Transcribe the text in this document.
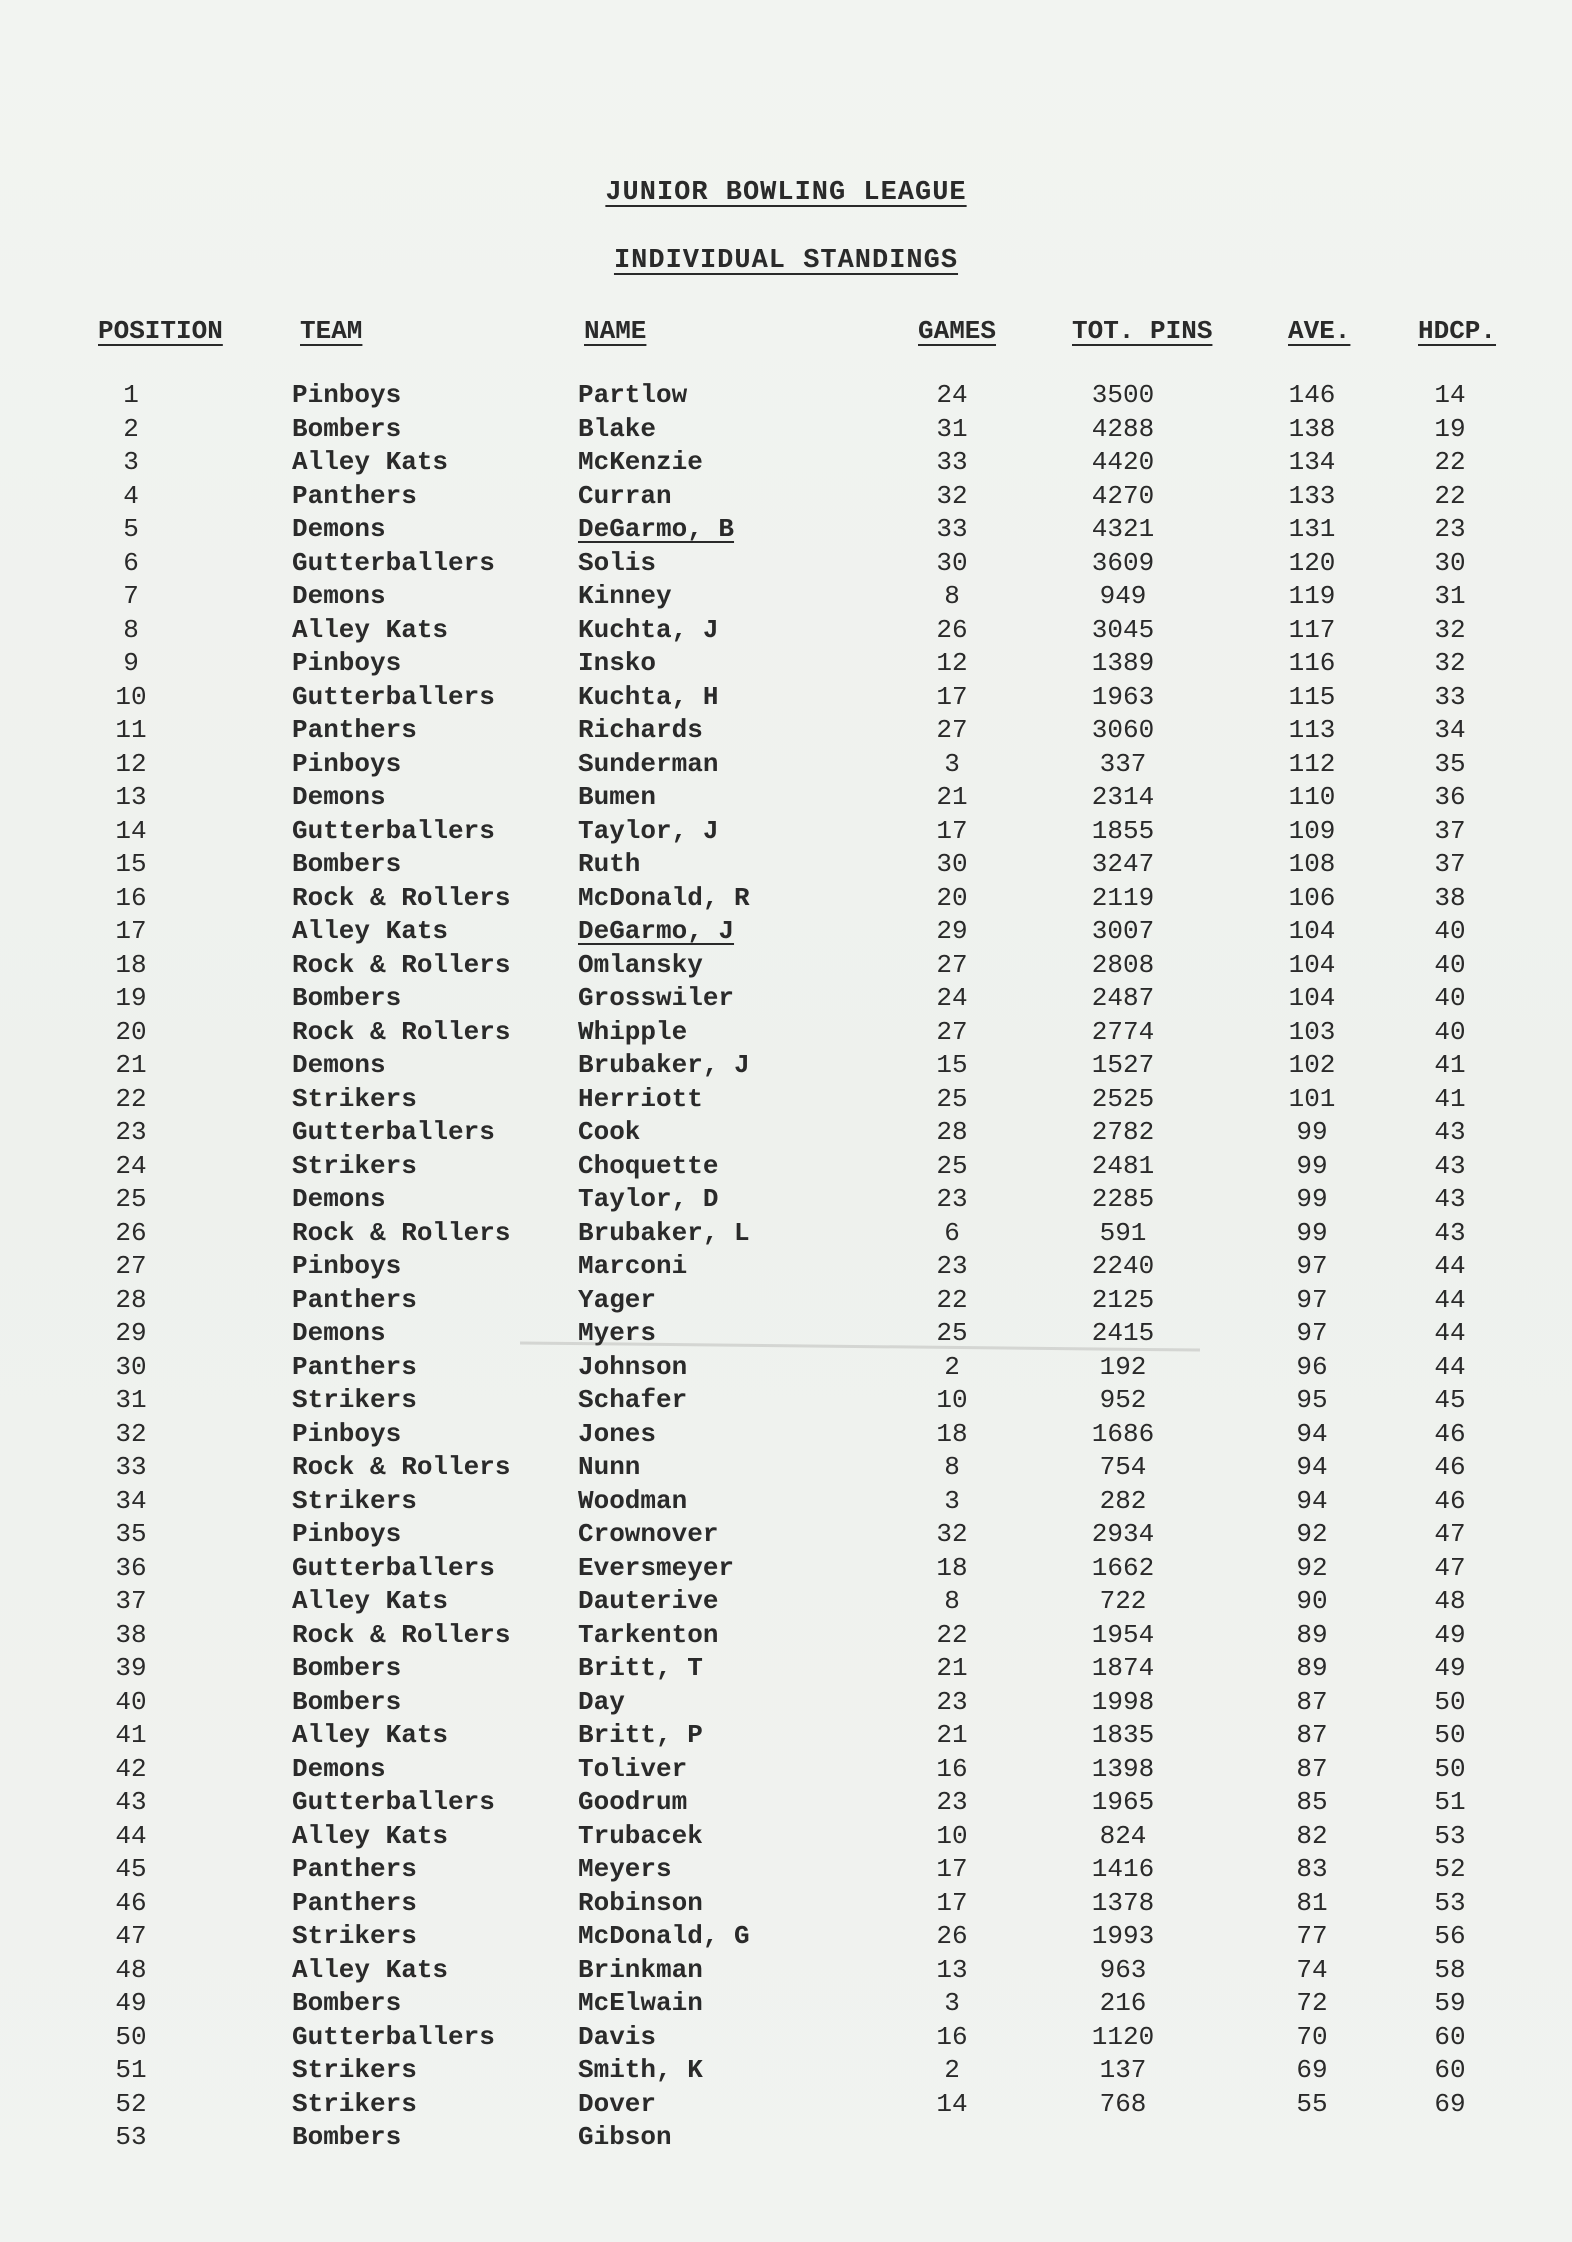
JUNIOR BOWLING LEAGUE
INDIVIDUAL STANDINGS
POSITION	TEAM	NAME	GAMES	TOT. PINS	AVE.	HDCP.
1	Pinboys	Partlow	24	3500	146	14
2	Bombers	Blake	31	4288	138	19
3	Alley Kats	McKenzie	33	4420	134	22
4	Panthers	Curran	32	4270	133	22
5	Demons	DeGarmo, B	33	4321	131	23
6	Gutterballers	Solis	30	3609	120	30
7	Demons	Kinney	8	949	119	31
8	Alley Kats	Kuchta, J	26	3045	117	32
9	Pinboys	Insko	12	1389	116	32
10	Gutterballers	Kuchta, H	17	1963	115	33
11	Panthers	Richards	27	3060	113	34
12	Pinboys	Sunderman	3	337	112	35
13	Demons	Bumen	21	2314	110	36
14	Gutterballers	Taylor, J	17	1855	109	37
15	Bombers	Ruth	30	3247	108	37
16	Rock & Rollers	McDonald, R	20	2119	106	38
17	Alley Kats	DeGarmo, J	29	3007	104	40
18	Rock & Rollers	Omlansky	27	2808	104	40
19	Bombers	Grosswiler	24	2487	104	40
20	Rock & Rollers	Whipple	27	2774	103	40
21	Demons	Brubaker, J	15	1527	102	41
22	Strikers	Herriott	25	2525	101	41
23	Gutterballers	Cook	28	2782	99	43
24	Strikers	Choquette	25	2481	99	43
25	Demons	Taylor, D	23	2285	99	43
26	Rock & Rollers	Brubaker, L	6	591	99	43
27	Pinboys	Marconi	23	2240	97	44
28	Panthers	Yager	22	2125	97	44
29	Demons	Myers	25	2415	97	44
30	Panthers	Johnson	2	192	96	44
31	Strikers	Schafer	10	952	95	45
32	Pinboys	Jones	18	1686	94	46
33	Rock & Rollers	Nunn	8	754	94	46
34	Strikers	Woodman	3	282	94	46
35	Pinboys	Crownover	32	2934	92	47
36	Gutterballers	Eversmeyer	18	1662	92	47
37	Alley Kats	Dauterive	8	722	90	48
38	Rock & Rollers	Tarkenton	22	1954	89	49
39	Bombers	Britt, T	21	1874	89	49
40	Bombers	Day	23	1998	87	50
41	Alley Kats	Britt, P	21	1835	87	50
42	Demons	Toliver	16	1398	87	50
43	Gutterballers	Goodrum	23	1965	85	51
44	Alley Kats	Trubacek	10	824	82	53
45	Panthers	Meyers	17	1416	83	52
46	Panthers	Robinson	17	1378	81	53
47	Strikers	McDonald, G	26	1993	77	56
48	Alley Kats	Brinkman	13	963	74	58
49	Bombers	McElwain	3	216	72	59
50	Gutterballers	Davis	16	1120	70	60
51	Strikers	Smith, K	2	137	69	60
52	Strikers	Dover	14	768	55	69
53	Bombers	Gibson
